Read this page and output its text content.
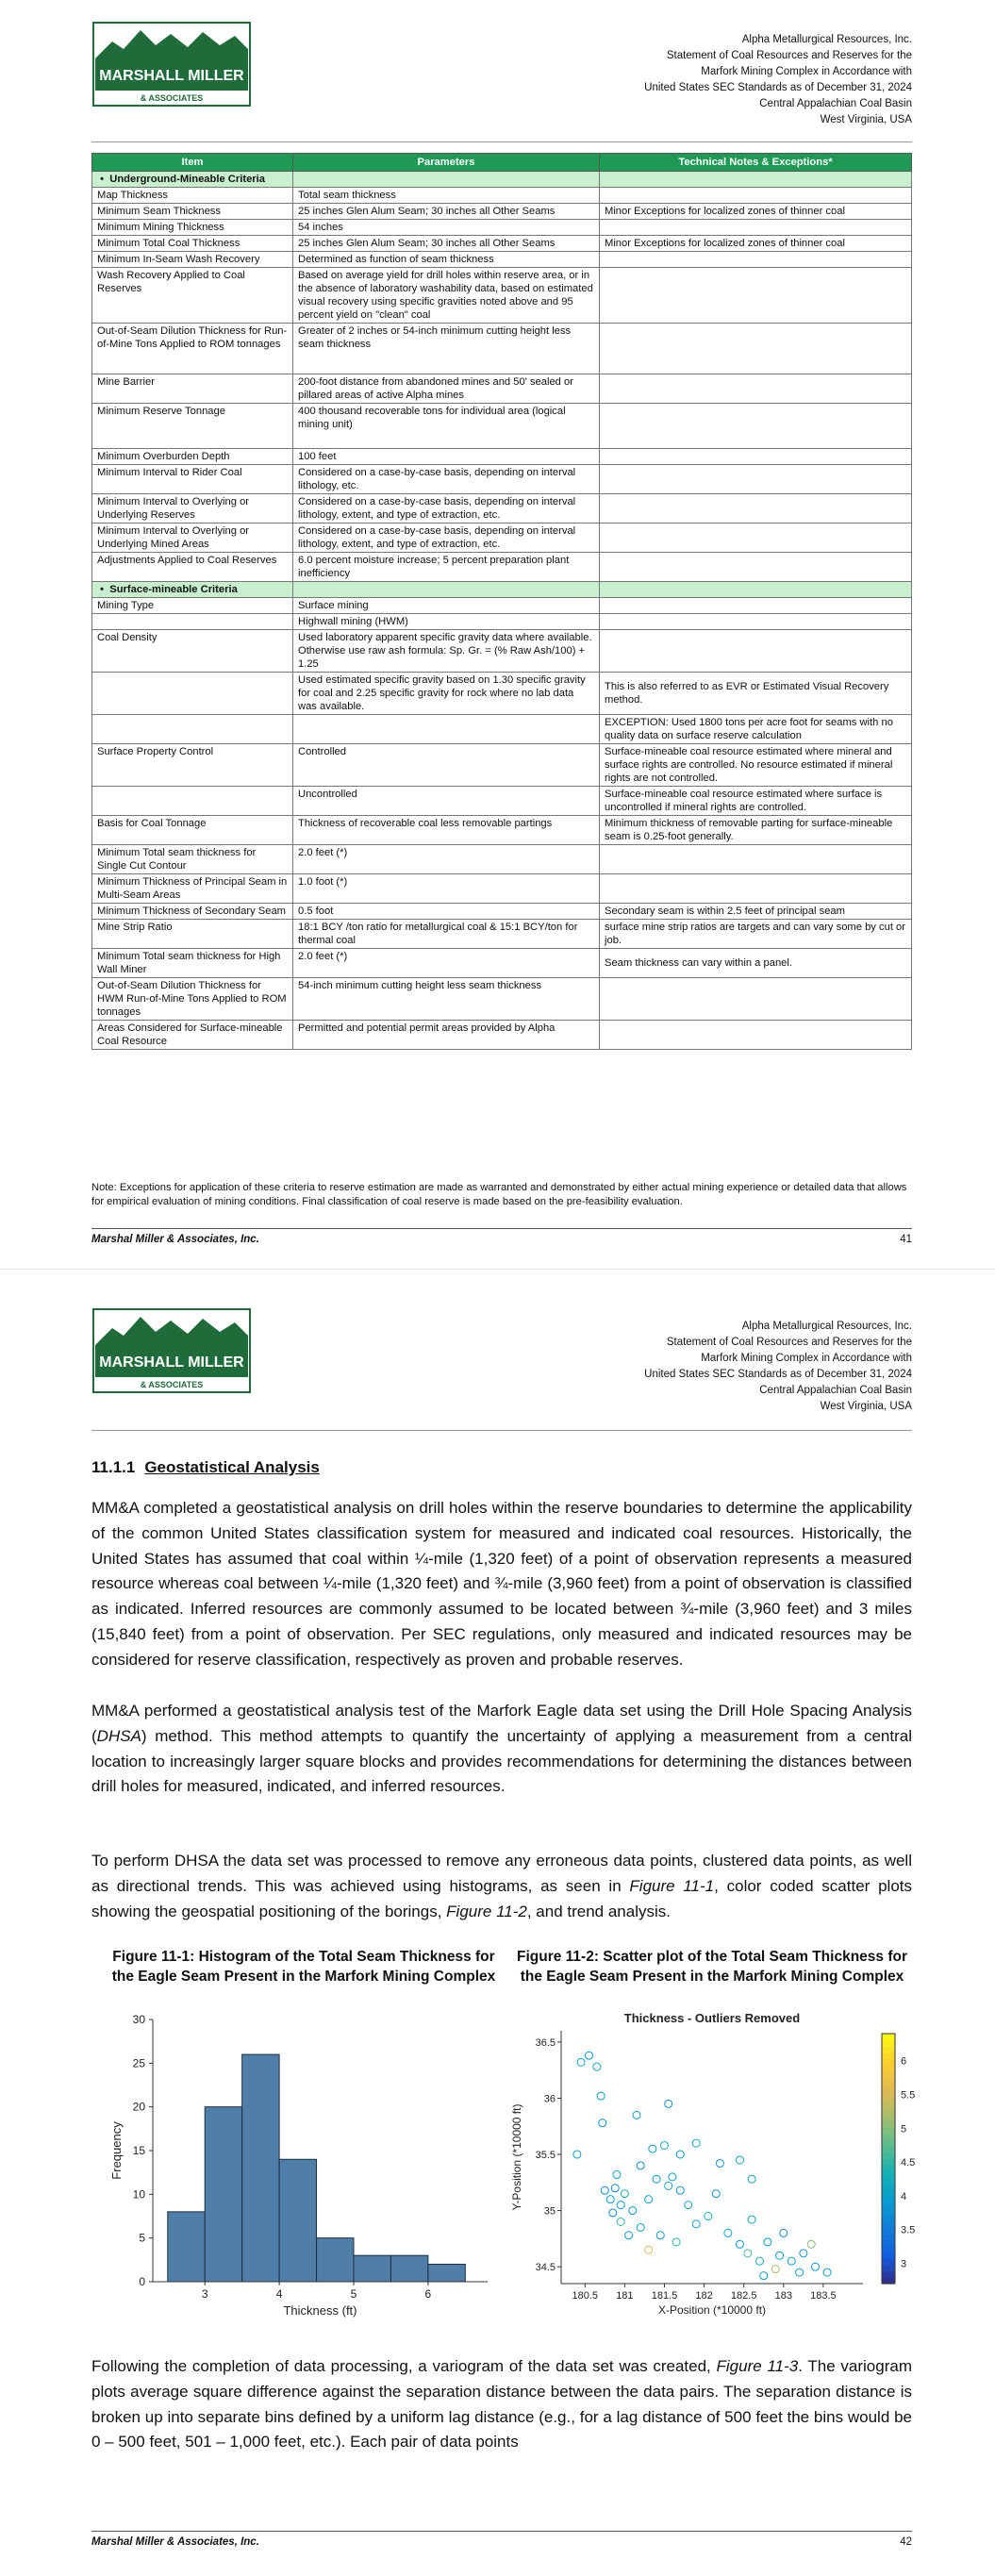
MARSHALL MILLER
& ASSOCIATES
Alpha Metallurgical Resources, Inc.
Statement of Coal Resources and Reserves for the
Marfork Mining Complex in Accordance with
United States SEC Standards as of December 31, 2024
Central Appalachian Coal Basin
West Virginia, USA
Item	Parameters	Technical Notes & Exceptions*
•  Underground-Mineable Criteria		
Map Thickness	Total seam thickness	
Minimum Seam Thickness	25 inches Glen Alum Seam; 30 inches all Other Seams	Minor Exceptions for localized zones of thinner coal
Minimum Mining Thickness	54 inches	
Minimum Total Coal Thickness	25 inches Glen Alum Seam; 30 inches all Other Seams	Minor Exceptions for localized zones of thinner coal
Minimum In-Seam Wash Recovery	Determined as function of seam thickness	
Wash Recovery Applied to Coal Reserves	Based on average yield for drill holes within reserve area, or in the absence of laboratory washability data, based on estimated visual recovery using specific gravities noted above and 95 percent yield on "clean" coal	
Out-of-Seam Dilution Thickness for Run-of-Mine Tons Applied to ROM tonnages	Greater of 2 inches or 54-inch minimum cutting height less seam thickness	
Mine Barrier	200-foot distance from abandoned mines and 50' sealed or pillared areas of active Alpha mines	
Minimum Reserve Tonnage	400 thousand recoverable tons for individual area (logical mining unit)	
Minimum Overburden Depth	100 feet	
Minimum Interval to Rider Coal	Considered on a case-by-case basis, depending on interval lithology, etc.	
Minimum Interval to Overlying or Underlying Reserves	Considered on a case-by-case basis, depending on interval lithology, extent, and type of extraction, etc.	
Minimum Interval to Overlying or Underlying Mined Areas	Considered on a case-by-case basis, depending on interval lithology, extent, and type of extraction, etc.	
Adjustments Applied to Coal Reserves	6.0 percent moisture increase; 5 percent preparation plant inefficiency	
•  Surface-mineable Criteria		
Mining Type	Surface mining	
	Highwall mining (HWM)	
Coal Density	Used laboratory apparent specific gravity data where available. Otherwise use raw ash formula: Sp. Gr. = (% Raw Ash/100) + 1.25	
	Used estimated specific gravity based on 1.30 specific gravity for coal and 2.25 specific gravity for rock where no lab data was available.	This is also referred to as EVR or Estimated Visual Recovery method.
		EXCEPTION: Used 1800 tons per acre foot for seams with no quality data on surface reserve calculation
Surface Property Control	Controlled	Surface-mineable coal resource estimated where mineral and surface rights are controlled. No resource estimated if mineral rights are not controlled.
	Uncontrolled	Surface-mineable coal resource estimated where surface is uncontrolled if mineral rights are controlled.
Basis for Coal Tonnage	Thickness of recoverable coal less removable partings	Minimum thickness of removable parting for surface-mineable seam is 0.25-foot generally.
Minimum Total seam thickness for Single Cut Contour	2.0 feet (*)	
Minimum Thickness of Principal Seam in Multi-Seam Areas	1.0 foot (*)	
Minimum Thickness of Secondary Seam	0.5 foot	Secondary seam is within 2.5 feet of principal seam
Mine Strip Ratio	18:1 BCY /ton ratio for metallurgical coal & 15:1 BCY/ton for thermal coal	surface mine strip ratios are targets and can vary some by cut or job.
Minimum Total seam thickness for High Wall Miner	2.0 feet (*)	Seam thickness can vary within a panel.
Out-of-Seam Dilution Thickness for HWM Run-of-Mine Tons Applied to ROM tonnages	54-inch minimum cutting height less seam thickness	
Areas Considered for Surface-mineable Coal Resource	Permitted and potential permit areas provided by Alpha	
Note: Exceptions for application of these criteria to reserve estimation are made as warranted and demonstrated by either actual mining experience or detailed data that allows for empirical evaluation of mining conditions. Final classification of coal reserve is made based on the pre-feasibility evaluation.
Marshal Miller & Associates, Inc.	41
MARSHALL MILLER
& ASSOCIATES
Alpha Metallurgical Resources, Inc.
Statement of Coal Resources and Reserves for the
Marfork Mining Complex in Accordance with
United States SEC Standards as of December 31, 2024
Central Appalachian Coal Basin
West Virginia, USA
11.1.1 Geostatistical Analysis

MM&A completed a geostatistical analysis on drill holes within the reserve boundaries to determine the applicability of the common United States classification system for measured and indicated coal resources. Historically, the United States has assumed that coal within ¼-mile (1,320 feet) of a point of observation represents a measured resource whereas coal between ¼-mile (1,320 feet) and ¾-mile (3,960 feet) from a point of observation is classified as indicated. Inferred resources are commonly assumed to be located between ¾-mile (3,960 feet) and 3 miles (15,840 feet) from a point of observation. Per SEC regulations, only measured and indicated resources may be considered for reserve classification, respectively as proven and probable reserves.

MM&A performed a geostatistical analysis test of the Marfork Eagle data set using the Drill Hole Spacing Analysis (DHSA) method. This method attempts to quantify the uncertainty of applying a measurement from a central location to increasingly larger square blocks and provides recommendations for determining the distances between drill holes for measured, indicated, and inferred resources.

To perform DHSA the data set was processed to remove any erroneous data points, clustered data points, as well as directional trends. This was achieved using histograms, as seen in Figure 11-1, color coded scatter plots showing the geospatial positioning of the borings, Figure 11-2, and trend analysis.

Figure 11-1: Histogram of the Total Seam Thickness for the Eagle Seam Present in the Marfork Mining Complex
Figure 11-2: Scatter plot of the Total Seam Thickness for the Eagle Seam Present in the Marfork Mining Complex
3	4	5	6
0
5
10
15
20
25
30
Thickness (ft)
Frequency
Thickness - Outliers Removed
180.5 181 181.5 182 182.5 183 183.5
34.5
35
35.5
36
36.5
X-Position (*10000 ft)
Y-Position (*10000 ft)
3
3.5
4
4.5
5
5.5
6

Following the completion of data processing, a variogram of the data set was created, Figure 11-3. The variogram plots average square difference against the separation distance between the data pairs. The separation distance is broken up into separate bins defined by a uniform lag distance (e.g., for a lag distance of 500 feet the bins would be 0 – 500 feet, 501 – 1,000 feet, etc.). Each pair of data points

Marshal Miller & Associates, Inc.	42
